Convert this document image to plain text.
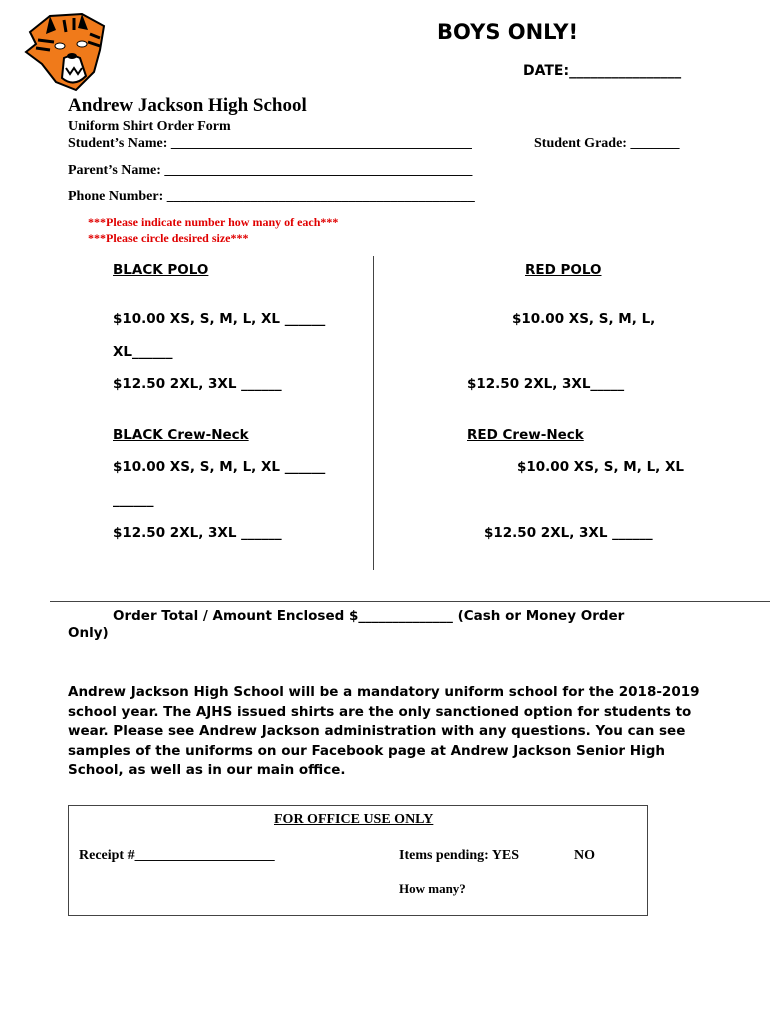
BOYS ONLY!
DATE:________________
Andrew Jackson High School
Uniform Shirt Order Form
Student’s Name: ___________________________________________	Student Grade: _______
Parent’s Name: ____________________________________________
Phone Number: ____________________________________________
***Please indicate number how many of each***
***Please circle desired size***
BLACK POLO
$10.00 XS, S, M, L, XL ______
XL______
$12.50 2XL, 3XL ______
BLACK Crew-Neck
$10.00 XS, S, M, L, XL ______
______
$12.50 2XL, 3XL ______
RED POLO
$10.00 XS, S, M, L,
$12.50 2XL, 3XL_____
RED Crew-Neck
$10.00 XS, S, M, L, XL
$12.50 2XL, 3XL ______
Order Total / Amount Enclosed $______________ (Cash or Money Order
Only)
Andrew Jackson High School will be a mandatory uniform school for the 2018-2019 school year. The AJHS issued shirts are the only sanctioned option for students to wear. Please see Andrew Jackson administration with any questions. You can see samples of the uniforms on our Facebook page at Andrew Jackson Senior High School, as well as in our main office.
FOR OFFICE USE ONLY
Receipt #____________________	Items pending: YES	NO
How many?
